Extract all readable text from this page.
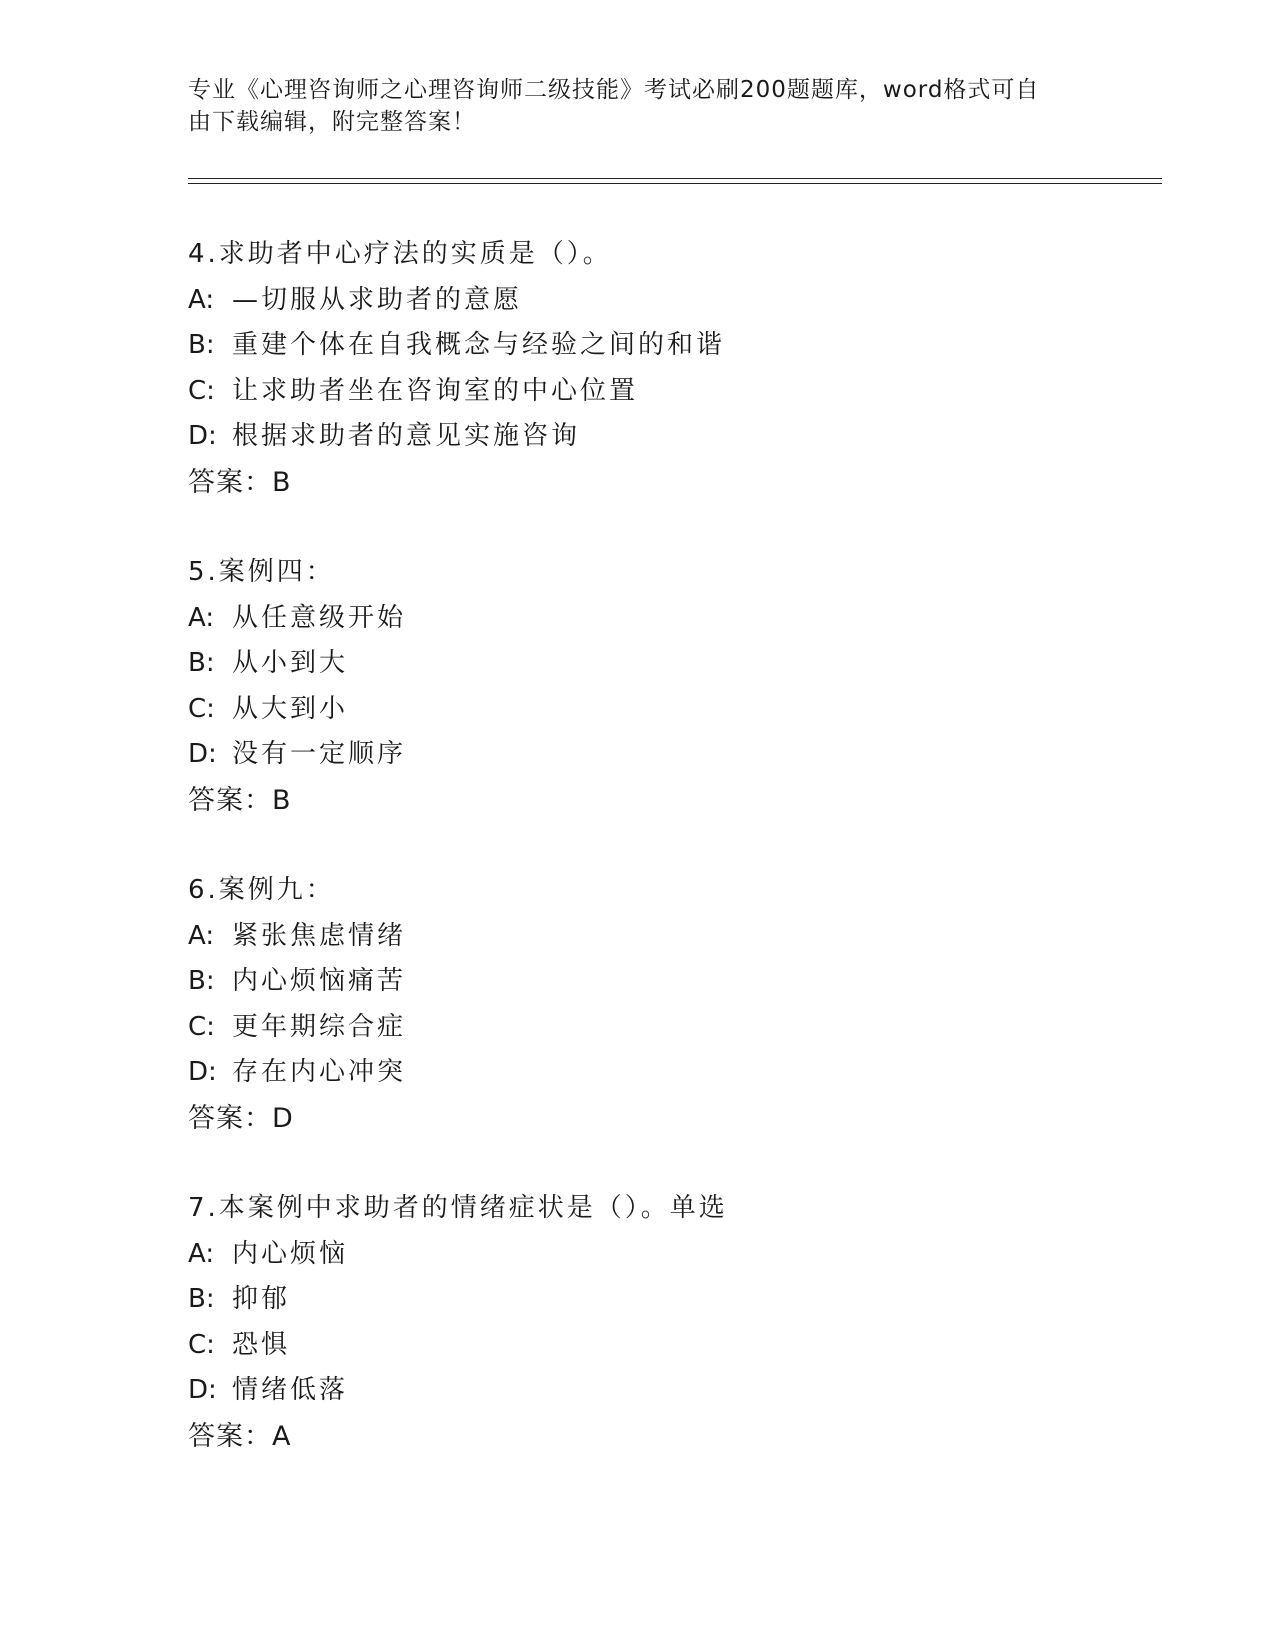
专业《心理咨询师之心理咨询师二级技能》考试必刷200题题库，word格式可自
由下载编辑，附完整答案！
4.求助者中心疗法的实质是（）。
A: —切服从求助者的意愿
B: 重建个体在自我概念与经验之间的和谐
C: 让求助者坐在咨询室的中心位置
D: 根据求助者的意见实施咨询
答案：B
5.案例四：
A: 从任意级开始
B: 从小到大
C: 从大到小
D: 没有一定顺序
答案：B
6.案例九：
A: 紧张焦虑情绪
B: 内心烦恼痛苦
C: 更年期综合症
D: 存在内心冲突
答案：D
7.本案例中求助者的情绪症状是（）。单选
A: 内心烦恼
B: 抑郁
C: 恐惧
D: 情绪低落
答案：A
